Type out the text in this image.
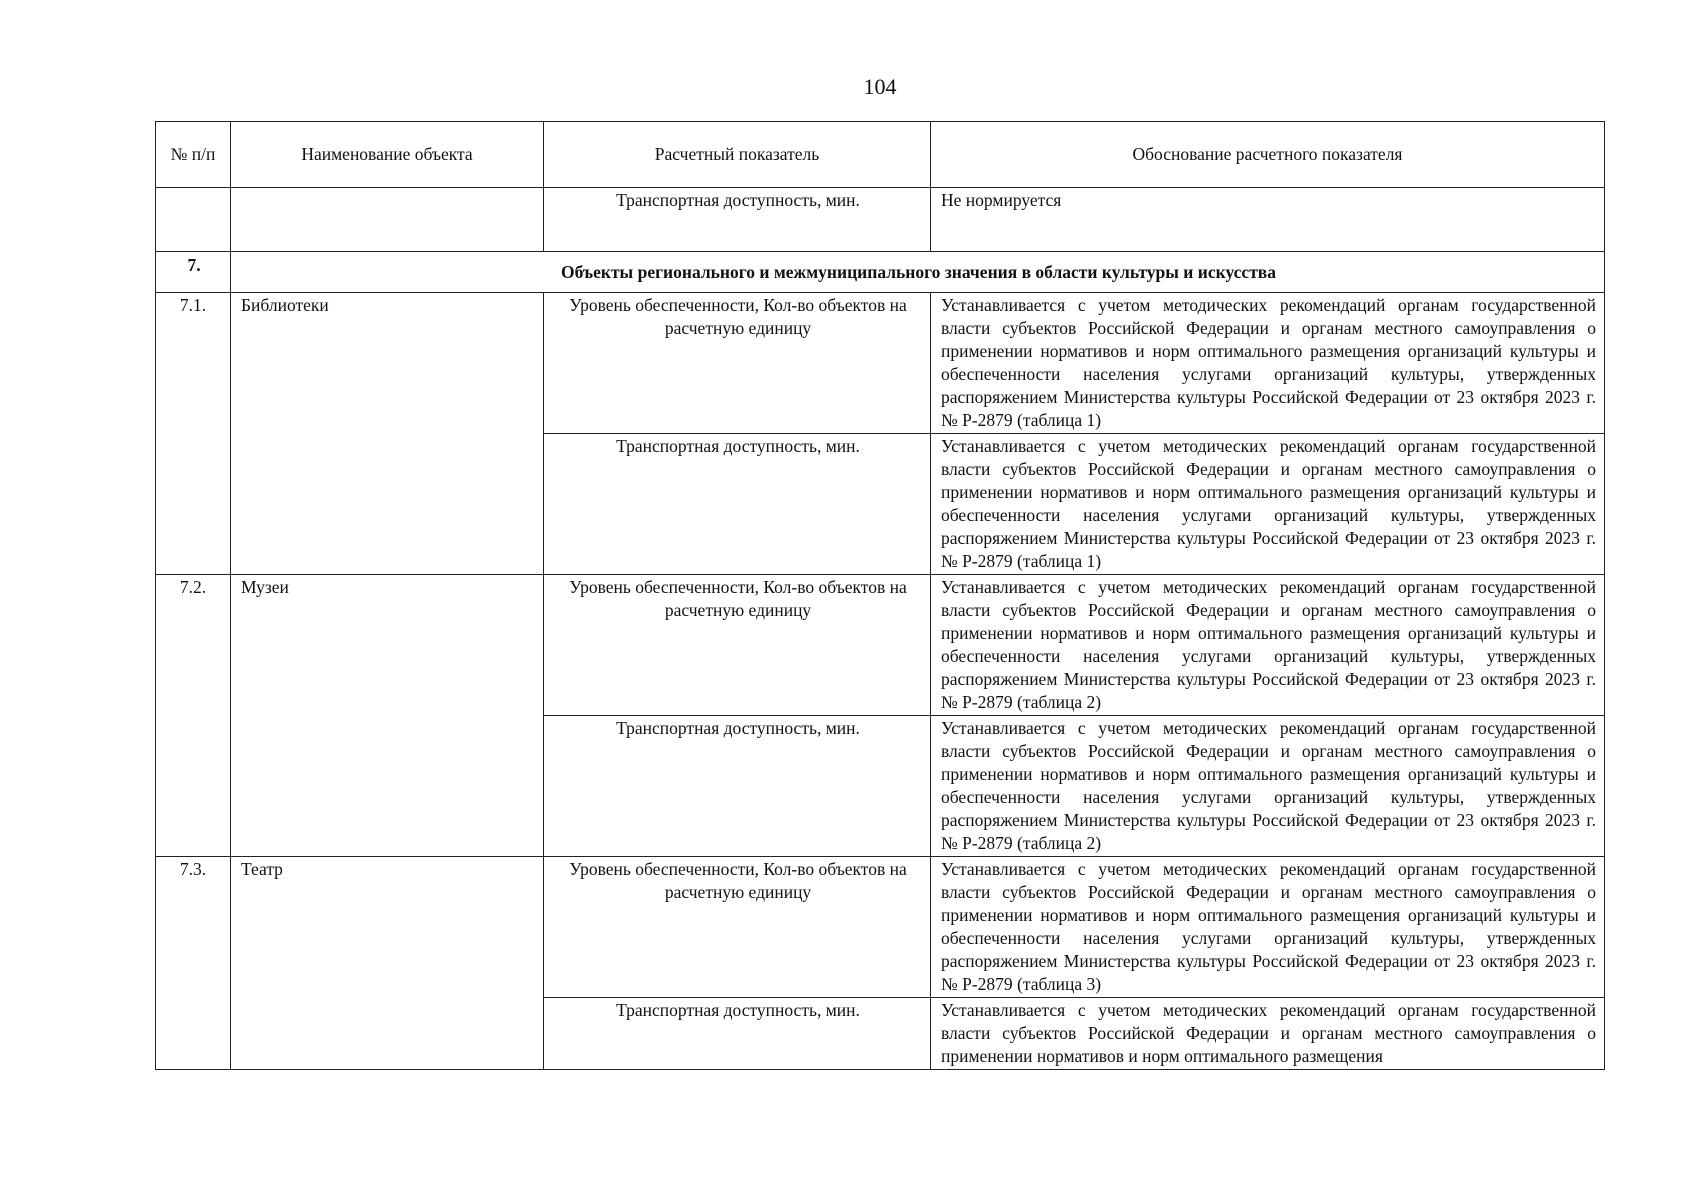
104
№ п/п	Наименование объекта	Расчетный показатель	Обоснование расчетного показателя
		Транспортная доступность, мин.	Не нормируется
7.	Объекты регионального и межмуниципального значения в области культуры и искусства		
7.1.	Библиотеки	Уровень обеспеченности, Кол-во объектов на расчетную единицу	Устанавливается с учетом методических рекомендаций органам государственной власти субъектов Российской Федерации и органам местного самоуправления о применении нормативов и норм оптимального размещения организаций культуры и обеспеченности населения услугами организаций культуры, утвержденных распоряжением Министерства культуры Российской Федерации от 23 октября 2023 г. № Р-2879 (таблица 1)

		Транспортная доступность, мин.	Устанавливается с учетом методических рекомендаций органам государственной власти субъектов Российской Федерации и органам местного самоуправления о применении нормативов и норм оптимального размещения организаций культуры и обеспеченности населения услугами организаций культуры, утвержденных распоряжением Министерства культуры Российской Федерации от 23 октября 2023 г. № Р-2879 (таблица 1)

7.2.	Музеи	Уровень обеспеченности, Кол-во объектов на расчетную единицу	Устанавливается с учетом методических рекомендаций органам государственной власти субъектов Российской Федерации и органам местного самоуправления о применении нормативов и норм оптимального размещения организаций культуры и обеспеченности населения услугами организаций культуры, утвержденных распоряжением Министерства культуры Российской Федерации от 23 октября 2023 г. № Р-2879 (таблица 2)

		Транспортная доступность, мин.	Устанавливается с учетом методических рекомендаций органам государственной власти субъектов Российской Федерации и органам местного самоуправления о применении нормативов и норм оптимального размещения организаций культуры и обеспеченности населения услугами организаций культуры, утвержденных распоряжением Министерства культуры Российской Федерации от 23 октября 2023 г. № Р-2879 (таблица 2)

7.3.	Театр	Уровень обеспеченности, Кол-во объектов на расчетную единицу	Устанавливается с учетом методических рекомендаций органам государственной власти субъектов Российской Федерации и органам местного самоуправления о применении нормативов и норм оптимального размещения организаций культуры и обеспеченности населения услугами организаций культуры, утвержденных распоряжением Министерства культуры Российской Федерации от 23 октября 2023 г. № Р-2879 (таблица 3)

		Транспортная доступность, мин.	Устанавливается с учетом методических рекомендаций органам государственной власти субъектов Российской Федерации и органам местного самоуправления о применении нормативов и норм оптимального размещения
